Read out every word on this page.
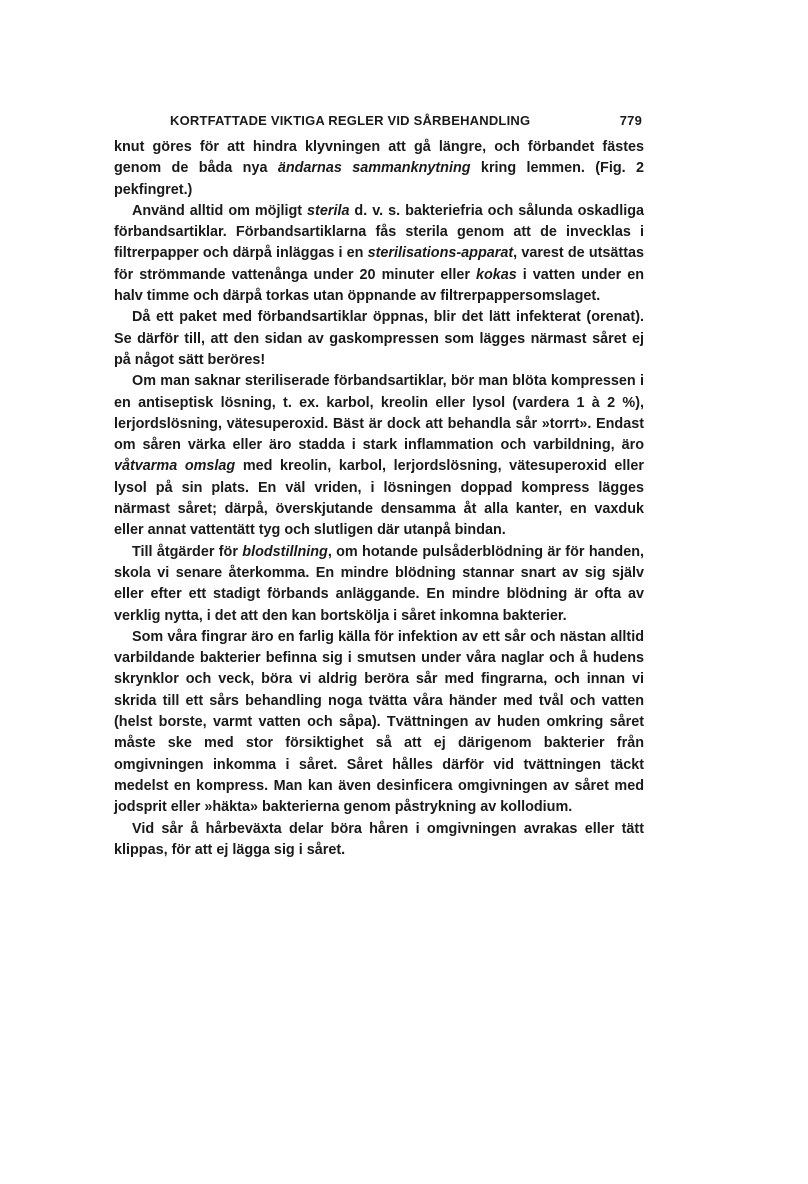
KORTFATTADE VIKTIGA REGLER VID SÅRBEHANDLING	779

knut göres för att hindra klyvningen att gå längre, och förbandet fästes genom de båda nya ändarnas sammanknytning kring lemmen. (Fig. 2 pekfingret.)

Använd alltid om möjligt sterila d. v. s. bakteriefria och sålunda oskadliga förbandsartiklar. Förbandsartiklarna fås sterila genom att de invecklas i filtrerpapper och därpå inläggas i en sterilisations-apparat, varest de utsättas för strömmande vattenånga under 20 minuter eller kokas i vatten under en halv timme och därpå torkas utan öppnande av filtrerpappersomslaget.

Då ett paket med förbandsartiklar öppnas, blir det lätt infekterat (orenat). Se därför till, att den sidan av gaskompressen som lägges närmast såret ej på något sätt beröres!

Om man saknar steriliserade förbandsartiklar, bör man blöta kompressen i en antiseptisk lösning, t. ex. karbol, kreolin eller lysol (vardera 1 à 2 %), lerjordslösning, vätesuperoxid. Bäst är dock att behandla sår »torrt». Endast om såren värka eller äro stadda i stark inflammation och varbildning, äro våtvarma omslag med kreolin, karbol, lerjordslösning, vätesuperoxid eller lysol på sin plats. En väl vriden, i lösningen doppad kompress lägges närmast såret; därpå, överskjutande densamma åt alla kanter, en vaxduk eller annat vattentätt tyg och slutligen där utanpå bindan.

Till åtgärder för blodstillning, om hotande pulsåderblödning är för handen, skola vi senare återkomma. En mindre blödning stannar snart av sig själv eller efter ett stadigt förbands anläggande. En mindre blödning är ofta av verklig nytta, i det att den kan bortskölja i såret inkomna bakterier.

Som våra fingrar äro en farlig källa för infektion av ett sår och nästan alltid varbildande bakterier befinna sig i smutsen under våra naglar och å hudens skrynklor och veck, böra vi aldrig beröra sår med fingrarna, och innan vi skrida till ett sårs behandling noga tvätta våra händer med tvål och vatten (helst borste, varmt vatten och såpa). Tvättningen av huden omkring såret måste ske med stor försiktighet så att ej därigenom bakterier från omgivningen inkomma i såret. Såret hålles därför vid tvättningen täckt medelst en kompress. Man kan även desinficera omgivningen av såret med jodsprit eller »häkta» bakterierna genom påstrykning av kollodium.

Vid sår å hårbeväxta delar böra håren i omgivningen avrakas eller tätt klippas, för att ej lägga sig i såret.
